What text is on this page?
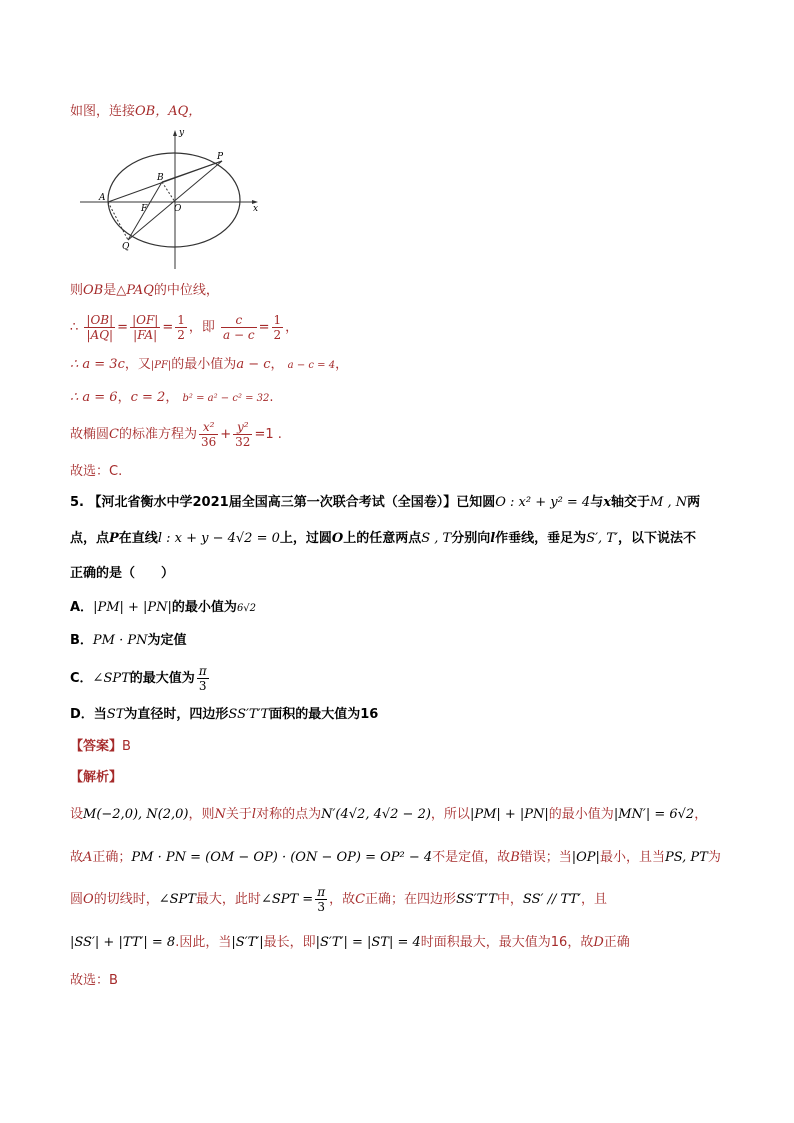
如图，连接OB，AQ，
y
x
P
B
A
F	O
Q
则OB是△PAQ的中位线，
∴ $\frac{|OB|}{|AQ|} = \frac{|OF|}{|FA|} = \frac{1}{2}$ ，即 $\frac{c}{a - c} = \frac{1}{2}$ ，
∴ a = 3c，又|PF|的最小值为a − c， a − c = 4，
∴ a = 6，c = 2， b² = a² − c² = 32.
故椭圆C的标准方程为 $\frac{\text{x²}}{36} + \frac{\text{y²}}{32} =1$ .
故选：C.
5. 【河北省衡水中学2021届全国高三第一次联合考试（全国卷）】已知圆O : x² + y² = 4与x轴交于M , N两
点，点P在直线l : x + y − 4√2 = 0上，过圆O上的任意两点S , T分别向l作垂线，垂足为S′, T′，以下说法不
正确的是（　　）
A．|PM| + |PN|的最小值为6√2
B．PM · PN为定值
C．∠SPT的最大值为 $\frac{\pi}{3}$
D．当ST为直径时，四边形SS′T′T面积的最大值为16
【答案】B
【解析】
设M(−2,0), N(2,0)，则N关于l对称的点为N′(4√2, 4√2 − 2)，所以|PM| + |PN|的最小值为|MN′| = 6√2，
故A正确；PM · PN = (OM − OP) · (ON − OP) = OP² − 4不是定值，故B错误；当|OP|最小，且当PS, PT为
圆O的切线时，∠SPT最大，此时∠SPT = $\frac{\pi}{3}$ ，故C正确；在四边形SS′T′T中，SS′ // TT′，且
|SS′| + |TT′| = 8.因此，当|S′T′|最长，即|S′T′| = |ST| = 4时面积最大，最大值为16，故D正确
故选：B
